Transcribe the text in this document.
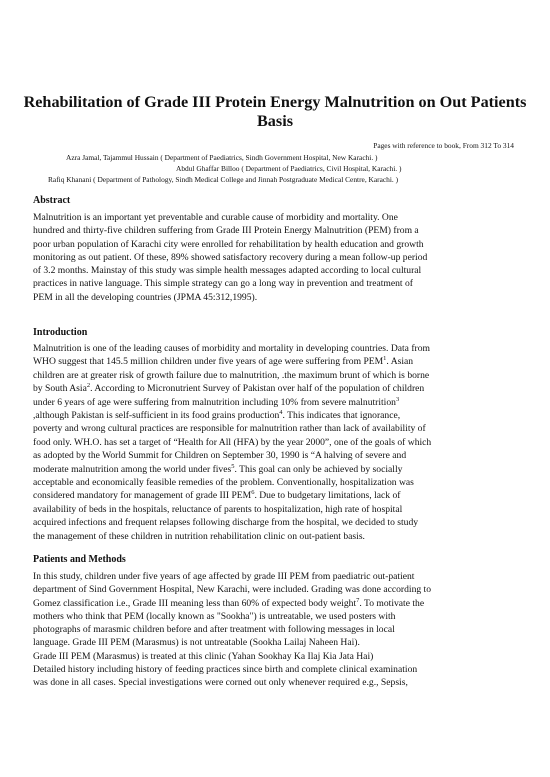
Rehabilitation of Grade III Protein Energy Malnutrition on Out Patients Basis
Pages with reference to book, From 312 To 314
Azra Jamal, Tajammul Hussain ( Department of Paediatrics, Sindh Government Hospital, New Karachi. )
Abdul Ghaffar Billoo ( Department of Paediatrics, Civil Hospital, Karachi. )
Rafiq Khanani ( Department of Pathology, Sindh Medical College and Jinnah Postgraduate Medical Centre, Karachi. )
Abstract
Malnutrition is an important yet preventable and curable cause of morbidity and mortality. One
hundred and thirty-five children suffering from Grade III Protein Energy Malnutrition (PEM) from a
poor urban population of Karachi city were enrolled for rehabilitation by health education and growth
monitoring as out patient. Of these, 89% showed satisfactory recovery during a mean follow-up period
of 3.2 months. Mainstay of this study was simple health messages adapted according to local cultural
practices in native language. This simple strategy can go a long way in prevention and treatment of
PEM in all the developing countries (JPMA 45:312,1995).
Introduction
Malnutrition is one of the leading causes of morbidity and mortality in developing countries. Data from
WHO suggest that 145.5 million children under five years of age were suffering from PEM$^1$. Asian
children are at greater risk of growth failure due to malnutrition, .the maximum brunt of which is borne
by South Asia$^2$. According to Micronutrient Survey of Pakistan over half of the population of children
under 6 years of age were suffering from malnutrition including 10% from severe malnutrition$^3$
,although Pakistan is self-sufficient in its food grains production$^4$. This indicates that ignorance,
poverty and wrong cultural practices are responsible for malnutrition rather than lack of availability of
food only. WH.O. has set a target of “Health for All (HFA) by the year 2000”, one of the goals of which
as adopted by the World Summit for Children on September 30, 1990 is “A halving of severe and
moderate malnutrition among the world under fives$^5$. This goal can only be achieved by socially
acceptable and economically feasible remedies of the problem. Conventionally, hospitalization was
considered mandatory for management of grade III PEM$^6$. Due to budgetary limitations, lack of
availability of beds in the hospitals, reluctance of parents to hospitalization, high rate of hospital
acquired infections and frequent relapses following discharge from the hospital, we decided to study
the management of these children in nutrition rehabilitation clinic on out-patient basis.
Patients and Methods
In this study, children under five years of age affected by grade III PEM from paediatric out-patient
department of Sind Government Hospital, New Karachi, were included. Grading was done according to
Gomez classification i.e., Grade III meaning less than 60% of expected body weight$^7$. To motivate the
mothers who think that PEM (locally known as "Sookha") is untreatable, we used posters with
photographs of marasmic children before and after treatment with following messages in local
language. Grade III PEM (Marasmus) is not untreatable (Sookha Lailaj Naheen Hai).
Grade III PEM (Marasmus) is treated at this clinic (Yahan Sookhay Ka Ilaj Kia Jata Hai)
Detailed history including history of feeding practices since birth and complete clinical examination
was done in all cases. Special investigations were corned out only whenever required e.g., Sepsis,
